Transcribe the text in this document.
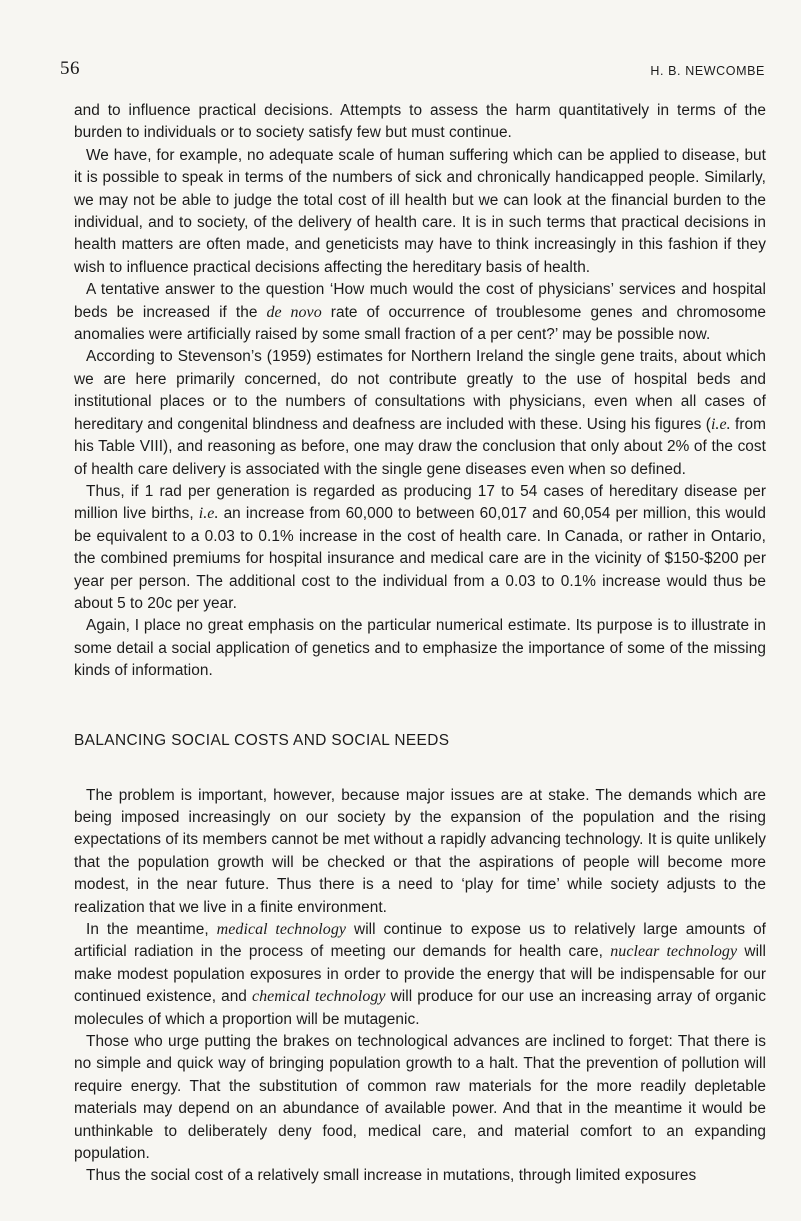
56	H. B. NEWCOMBE

and to influence practical decisions. Attempts to assess the harm quantitatively in terms of the burden to individuals or to society satisfy few but must continue.

We have, for example, no adequate scale of human suffering which can be applied to disease, but it is possible to speak in terms of the numbers of sick and chronically handicapped people. Similarly, we may not be able to judge the total cost of ill health but we can look at the financial burden to the individual, and to society, of the delivery of health care. It is in such terms that practical decisions in health matters are often made, and geneticists may have to think increasingly in this fashion if they wish to influence practical decisions affecting the hereditary basis of health.

A tentative answer to the question ‘How much would the cost of physicians’ services and hospital beds be increased if the de novo rate of occurrence of troublesome genes and chromosome anomalies were artificially raised by some small fraction of a per cent?’ may be possible now.

According to Stevenson’s (1959) estimates for Northern Ireland the single gene traits, about which we are here primarily concerned, do not contribute greatly to the use of hospital beds and institutional places or to the numbers of consultations with physicians, even when all cases of hereditary and congenital blindness and deafness are included with these. Using his figures (i.e. from his Table VIII), and reasoning as before, one may draw the conclusion that only about 2% of the cost of health care delivery is associated with the single gene diseases even when so defined.

Thus, if 1 rad per generation is regarded as producing 17 to 54 cases of hereditary disease per million live births, i.e. an increase from 60,000 to between 60,017 and 60,054 per million, this would be equivalent to a 0.03 to 0.1% increase in the cost of health care. In Canada, or rather in Ontario, the combined premiums for hospital insurance and medical care are in the vicinity of $150-$200 per year per person. The additional cost to the individual from a 0.03 to 0.1% increase would thus be about 5 to 20c per year.

Again, I place no great emphasis on the particular numerical estimate. Its purpose is to illustrate in some detail a social application of genetics and to emphasize the importance of some of the missing kinds of information.

BALANCING SOCIAL COSTS AND SOCIAL NEEDS

The problem is important, however, because major issues are at stake. The demands which are being imposed increasingly on our society by the expansion of the population and the rising expectations of its members cannot be met without a rapidly advancing technology. It is quite unlikely that the population growth will be checked or that the aspirations of people will become more modest, in the near future. Thus there is a need to ‘play for time’ while society adjusts to the realization that we live in a finite environment.

In the meantime, medical technology will continue to expose us to relatively large amounts of artificial radiation in the process of meeting our demands for health care, nuclear technology will make modest population exposures in order to provide the energy that will be indispensable for our continued existence, and chemical technology will produce for our use an increasing array of organic molecules of which a proportion will be mutagenic.

Those who urge putting the brakes on technological advances are inclined to forget: That there is no simple and quick way of bringing population growth to a halt. That the prevention of pollution will require energy. That the substitution of common raw materials for the more readily depletable materials may depend on an abundance of available power. And that in the meantime it would be unthinkable to deliberately deny food, medical care, and material comfort to an expanding population.

Thus the social cost of a relatively small increase in mutations, through limited exposures
